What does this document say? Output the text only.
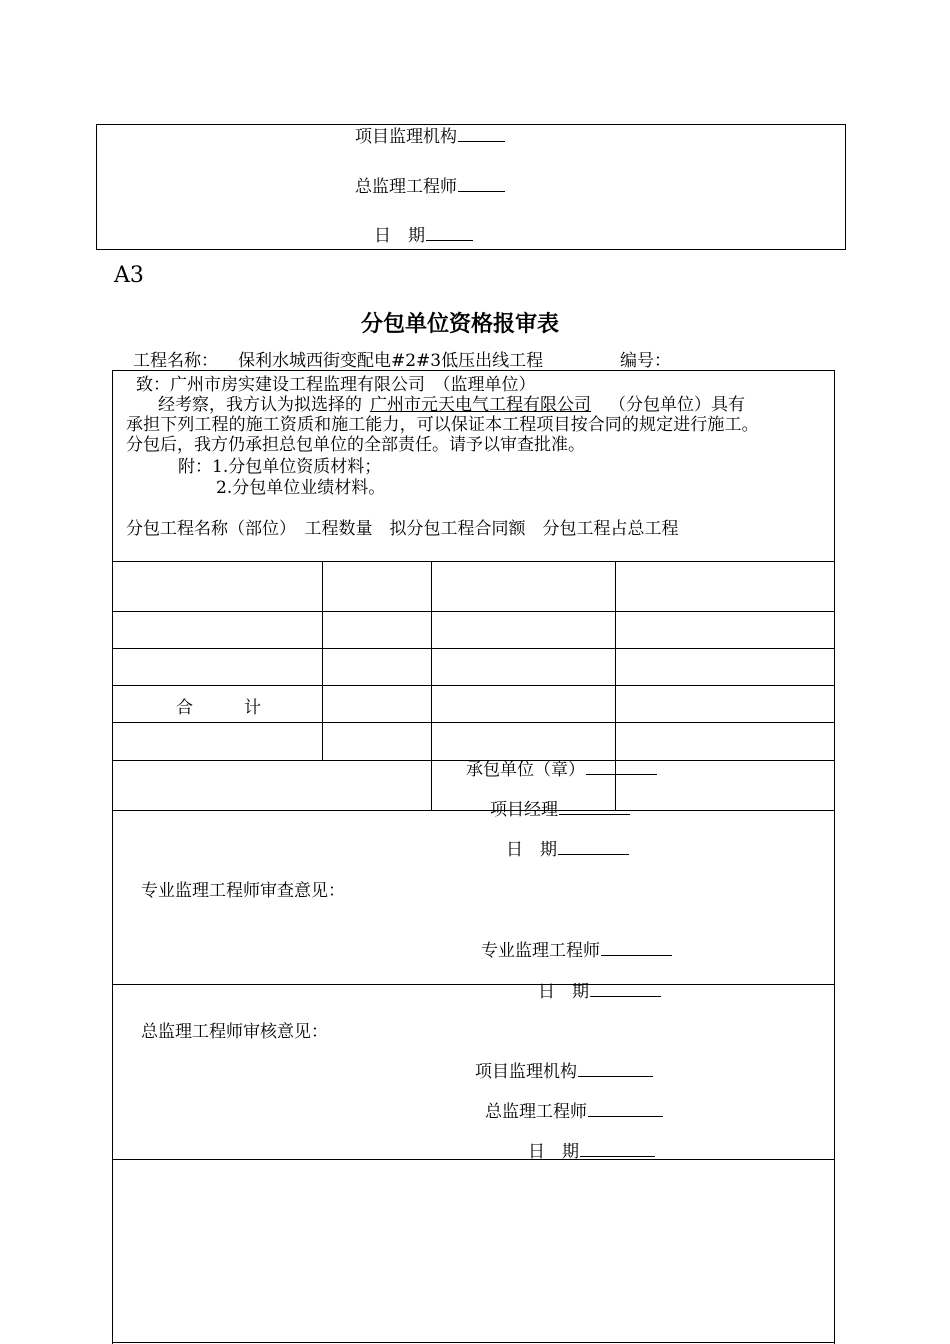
项目监理机构
总监理工程师
日　期
A3
分包单位资格报审表
工程名称： 保利水城西街变配电#2#3低压出线工程	编号：
致：广州市房实建设工程监理有限公司　（监理单位）
经考察，我方认为拟选择的 广州市元天电气工程有限公司 （分包单位）具有
承担下列工程的施工资质和施工能力，可以保证本工程项目按合同的规定进行施工。
分包后，我方仍承担总包单位的全部责任。请予以审查批准。
附：1.分包单位资质材料；
2.分包单位业绩材料。
分包工程名称（部位）　工程数量　拟分包工程合同额　分包工程占总工程
合　　　计
承包单位（章）
项目经理
日　期
专业监理工程师审查意见：
专业监理工程师
日　期
总监理工程师审核意见：
项目监理机构
总监理工程师
日　期
